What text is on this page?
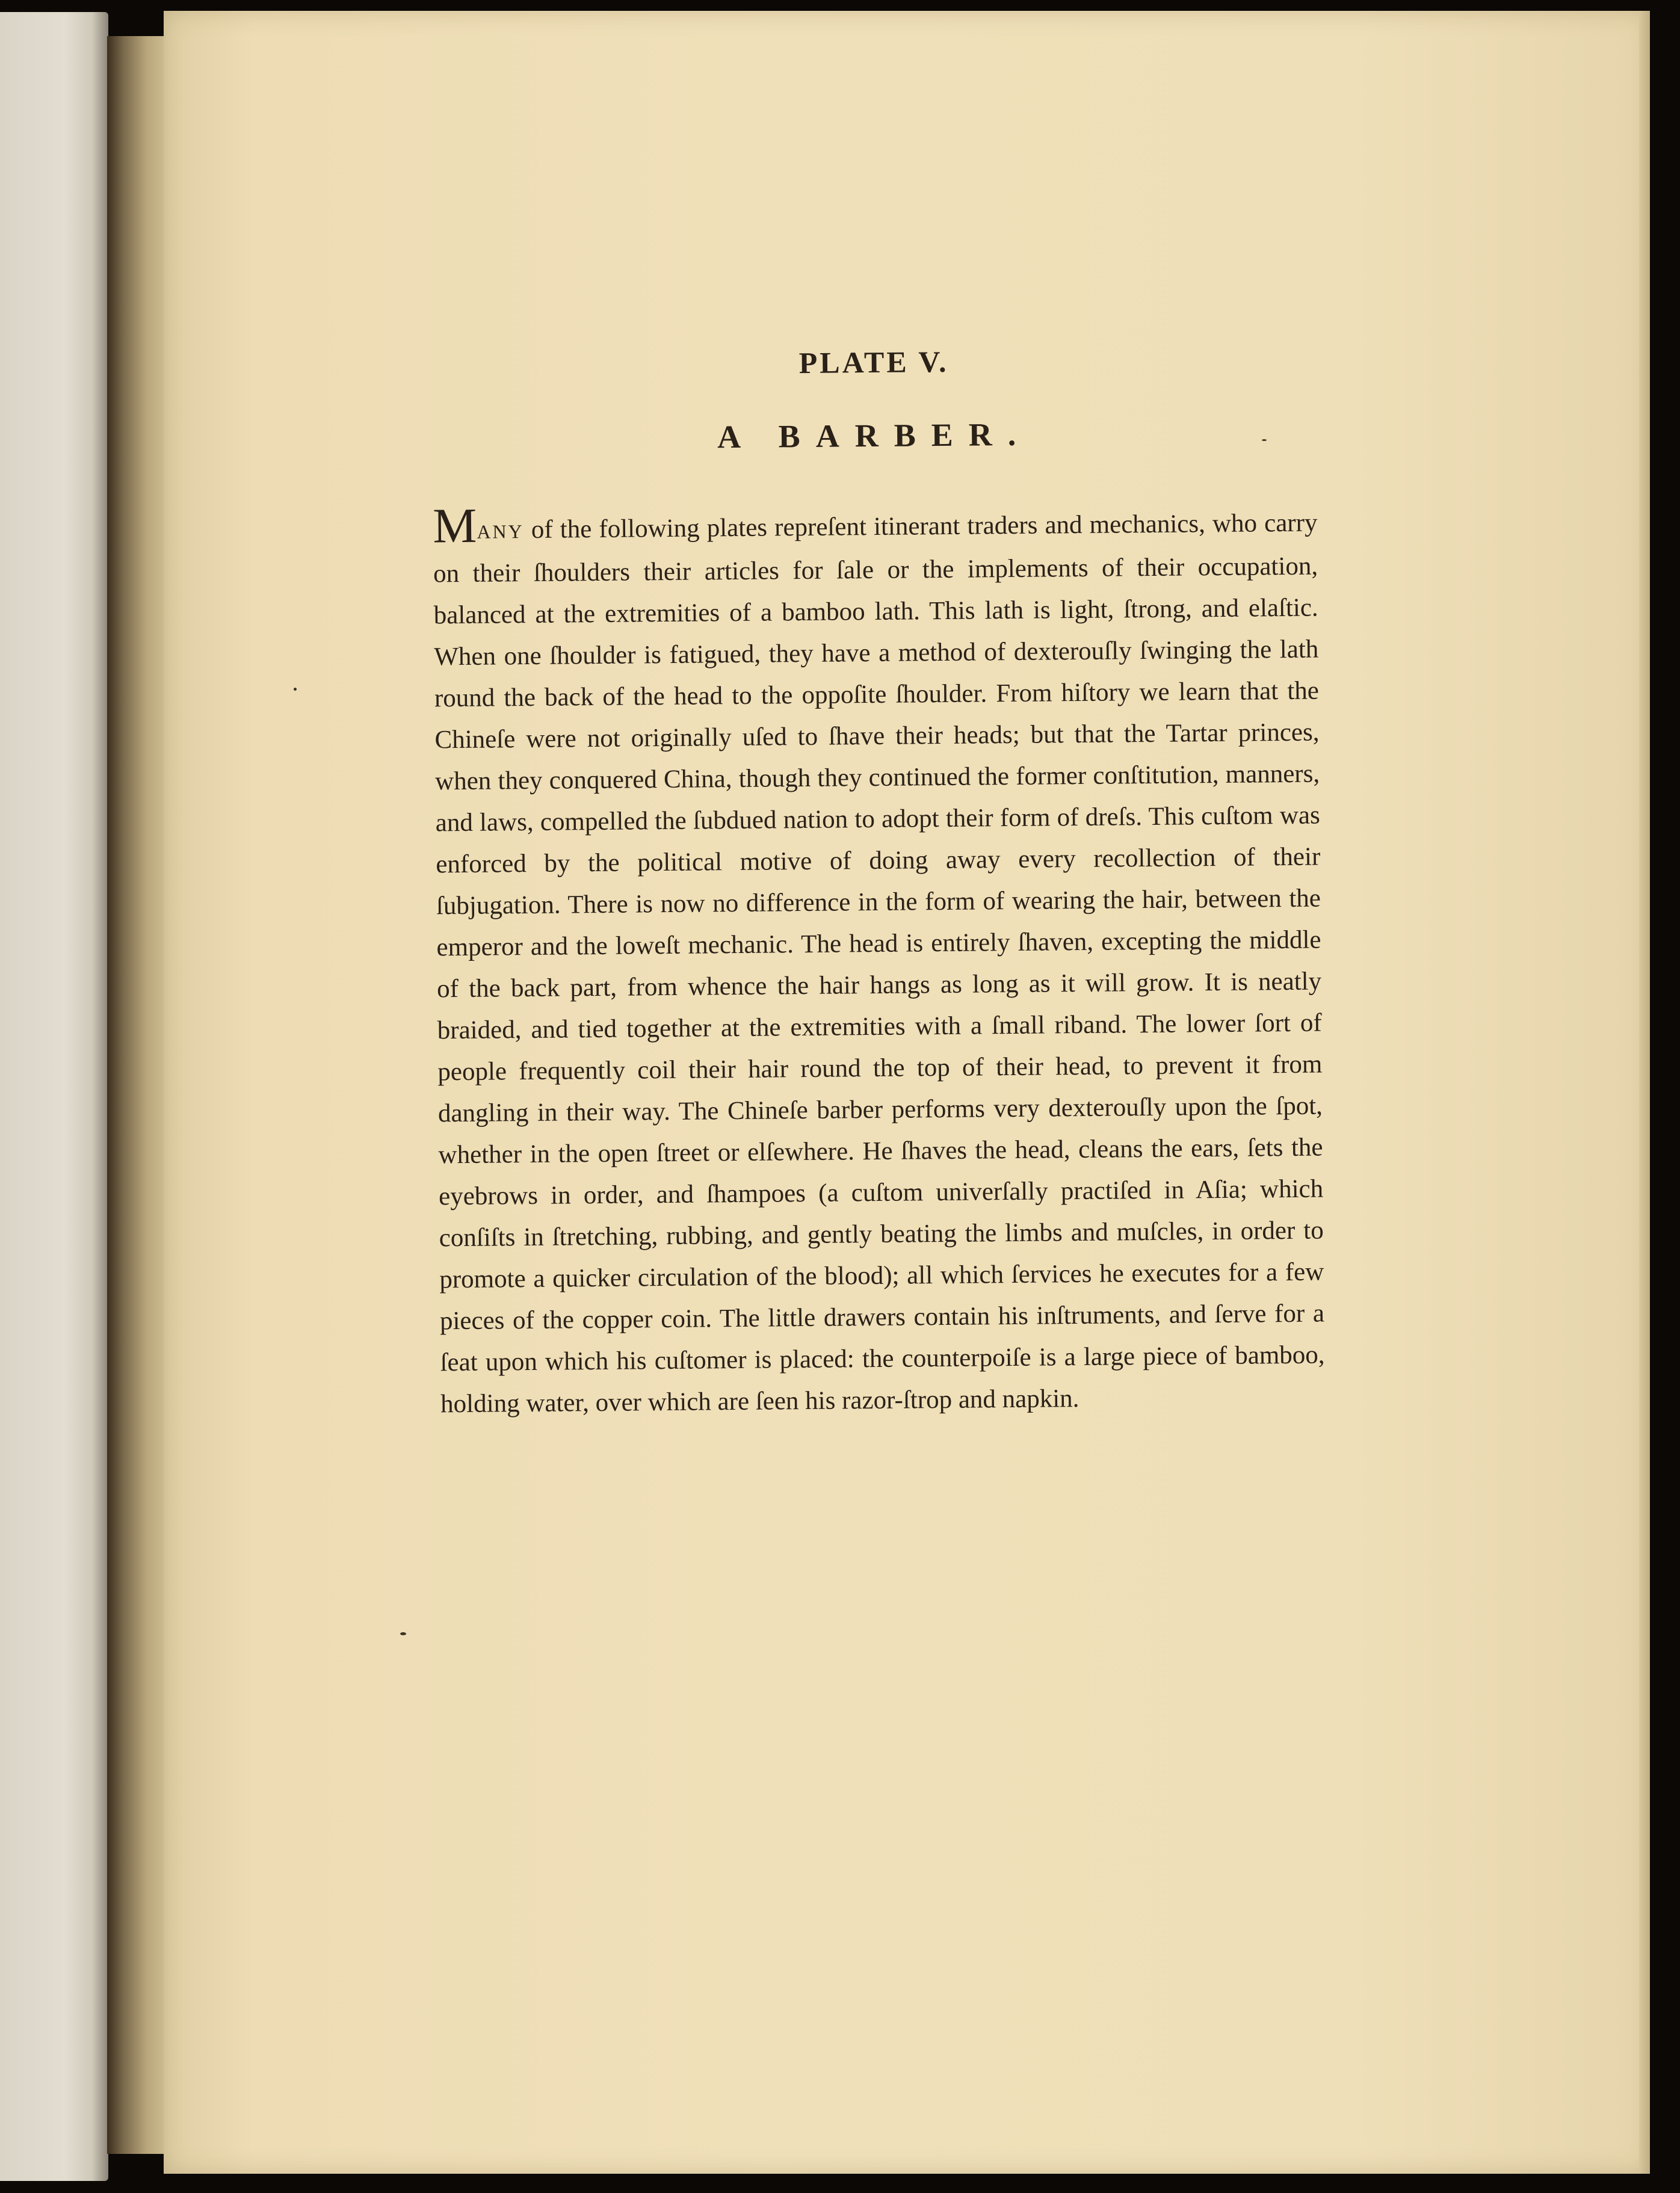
PLATE V.
A BARBER.

MANY of the following plates repreſent itinerant traders and mechanics, who carry on their ſhoulders their articles for ſale or the implements of their occupation, balanced at the extremities of a bamboo lath. This lath is light, ſtrong, and elaſtic. When one ſhoulder is fatigued, they have a method of dexterouſly ſwinging the lath round the back of the head to the oppoſite ſhoulder. From hiſtory we learn that the Chineſe were not originally uſed to ſhave their heads; but that the Tartar princes, when they conquered China, though they continued the former conſtitution, manners, and laws, compelled the ſubdued nation to adopt their form of dreſs. This cuſtom was enforced by the political motive of doing away every recollection of their ſubjugation. There is now no difference in the form of wearing the hair, between the emperor and the loweſt mechanic. The head is entirely ſhaven, excepting the middle of the back part, from whence the hair hangs as long as it will grow. It is neatly braided, and tied together at the extremities with a ſmall riband. The lower ſort of people frequently coil their hair round the top of their head, to prevent it from dangling in their way. The Chineſe barber performs very dexterouſly upon the ſpot, whether in the open ſtreet or elſewhere. He ſhaves the head, cleans the ears, ſets the eyebrows in order, and ſhampoes (a cuſtom univerſally practiſed in Aſia; which conſiſts in ſtretching, rubbing, and gently beating the limbs and muſcles, in order to promote a quicker circulation of the blood); all which ſervices he executes for a few pieces of the copper coin. The little drawers contain his inſtruments, and ſerve for a ſeat upon which his cuſtomer is placed: the counterpoiſe is a large piece of bamboo, holding water, over which are ſeen his razor-ſtrop and napkin.
